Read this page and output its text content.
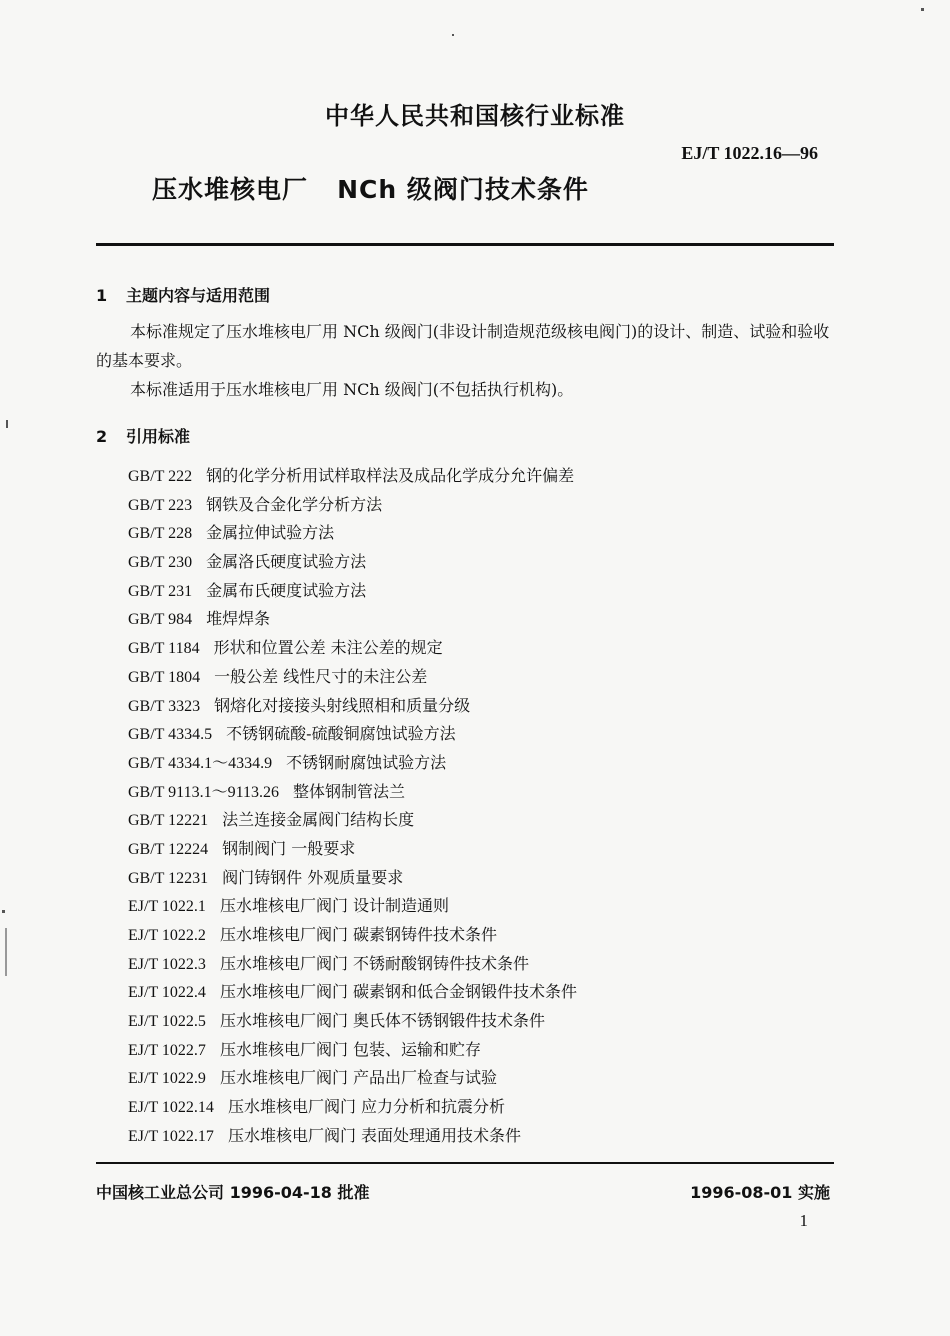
中华人民共和国核行业标准
EJ/T 1022.16—96
压水堆核电厂   NCh 级阀门技术条件
1 主题内容与适用范围
本标准规定了压水堆核电厂用 NCh 级阀门(非设计制造规范级核电阀门)的设计、制造、试验和验收的基本要求。
本标准适用于压水堆核电厂用 NCh 级阀门(不包括执行机构)。
2 引用标准
GB/T 222 钢的化学分析用试样取样法及成品化学成分允许偏差
GB/T 223 钢铁及合金化学分析方法
GB/T 228 金属拉伸试验方法
GB/T 230 金属洛氏硬度试验方法
GB/T 231 金属布氏硬度试验方法
GB/T 984 堆焊焊条
GB/T 1184 形状和位置公差 未注公差的规定
GB/T 1804 一般公差 线性尺寸的未注公差
GB/T 3323 钢熔化对接接头射线照相和质量分级
GB/T 4334.5 不锈钢硫酸-硫酸铜腐蚀试验方法
GB/T 4334.1～4334.9 不锈钢耐腐蚀试验方法
GB/T 9113.1～9113.26 整体钢制管法兰
GB/T 12221 法兰连接金属阀门结构长度
GB/T 12224 钢制阀门 一般要求
GB/T 12231 阀门铸钢件 外观质量要求
EJ/T 1022.1 压水堆核电厂阀门 设计制造通则
EJ/T 1022.2 压水堆核电厂阀门 碳素钢铸件技术条件
EJ/T 1022.3 压水堆核电厂阀门 不锈耐酸钢铸件技术条件
EJ/T 1022.4 压水堆核电厂阀门 碳素钢和低合金钢锻件技术条件
EJ/T 1022.5 压水堆核电厂阀门 奥氏体不锈钢锻件技术条件
EJ/T 1022.7 压水堆核电厂阀门 包装、运输和贮存
EJ/T 1022.9 压水堆核电厂阀门 产品出厂检查与试验
EJ/T 1022.14 压水堆核电厂阀门 应力分析和抗震分析
EJ/T 1022.17 压水堆核电厂阀门 表面处理通用技术条件
中国核工业总公司 1996-04-18 批准	1996-08-01 实施
1
